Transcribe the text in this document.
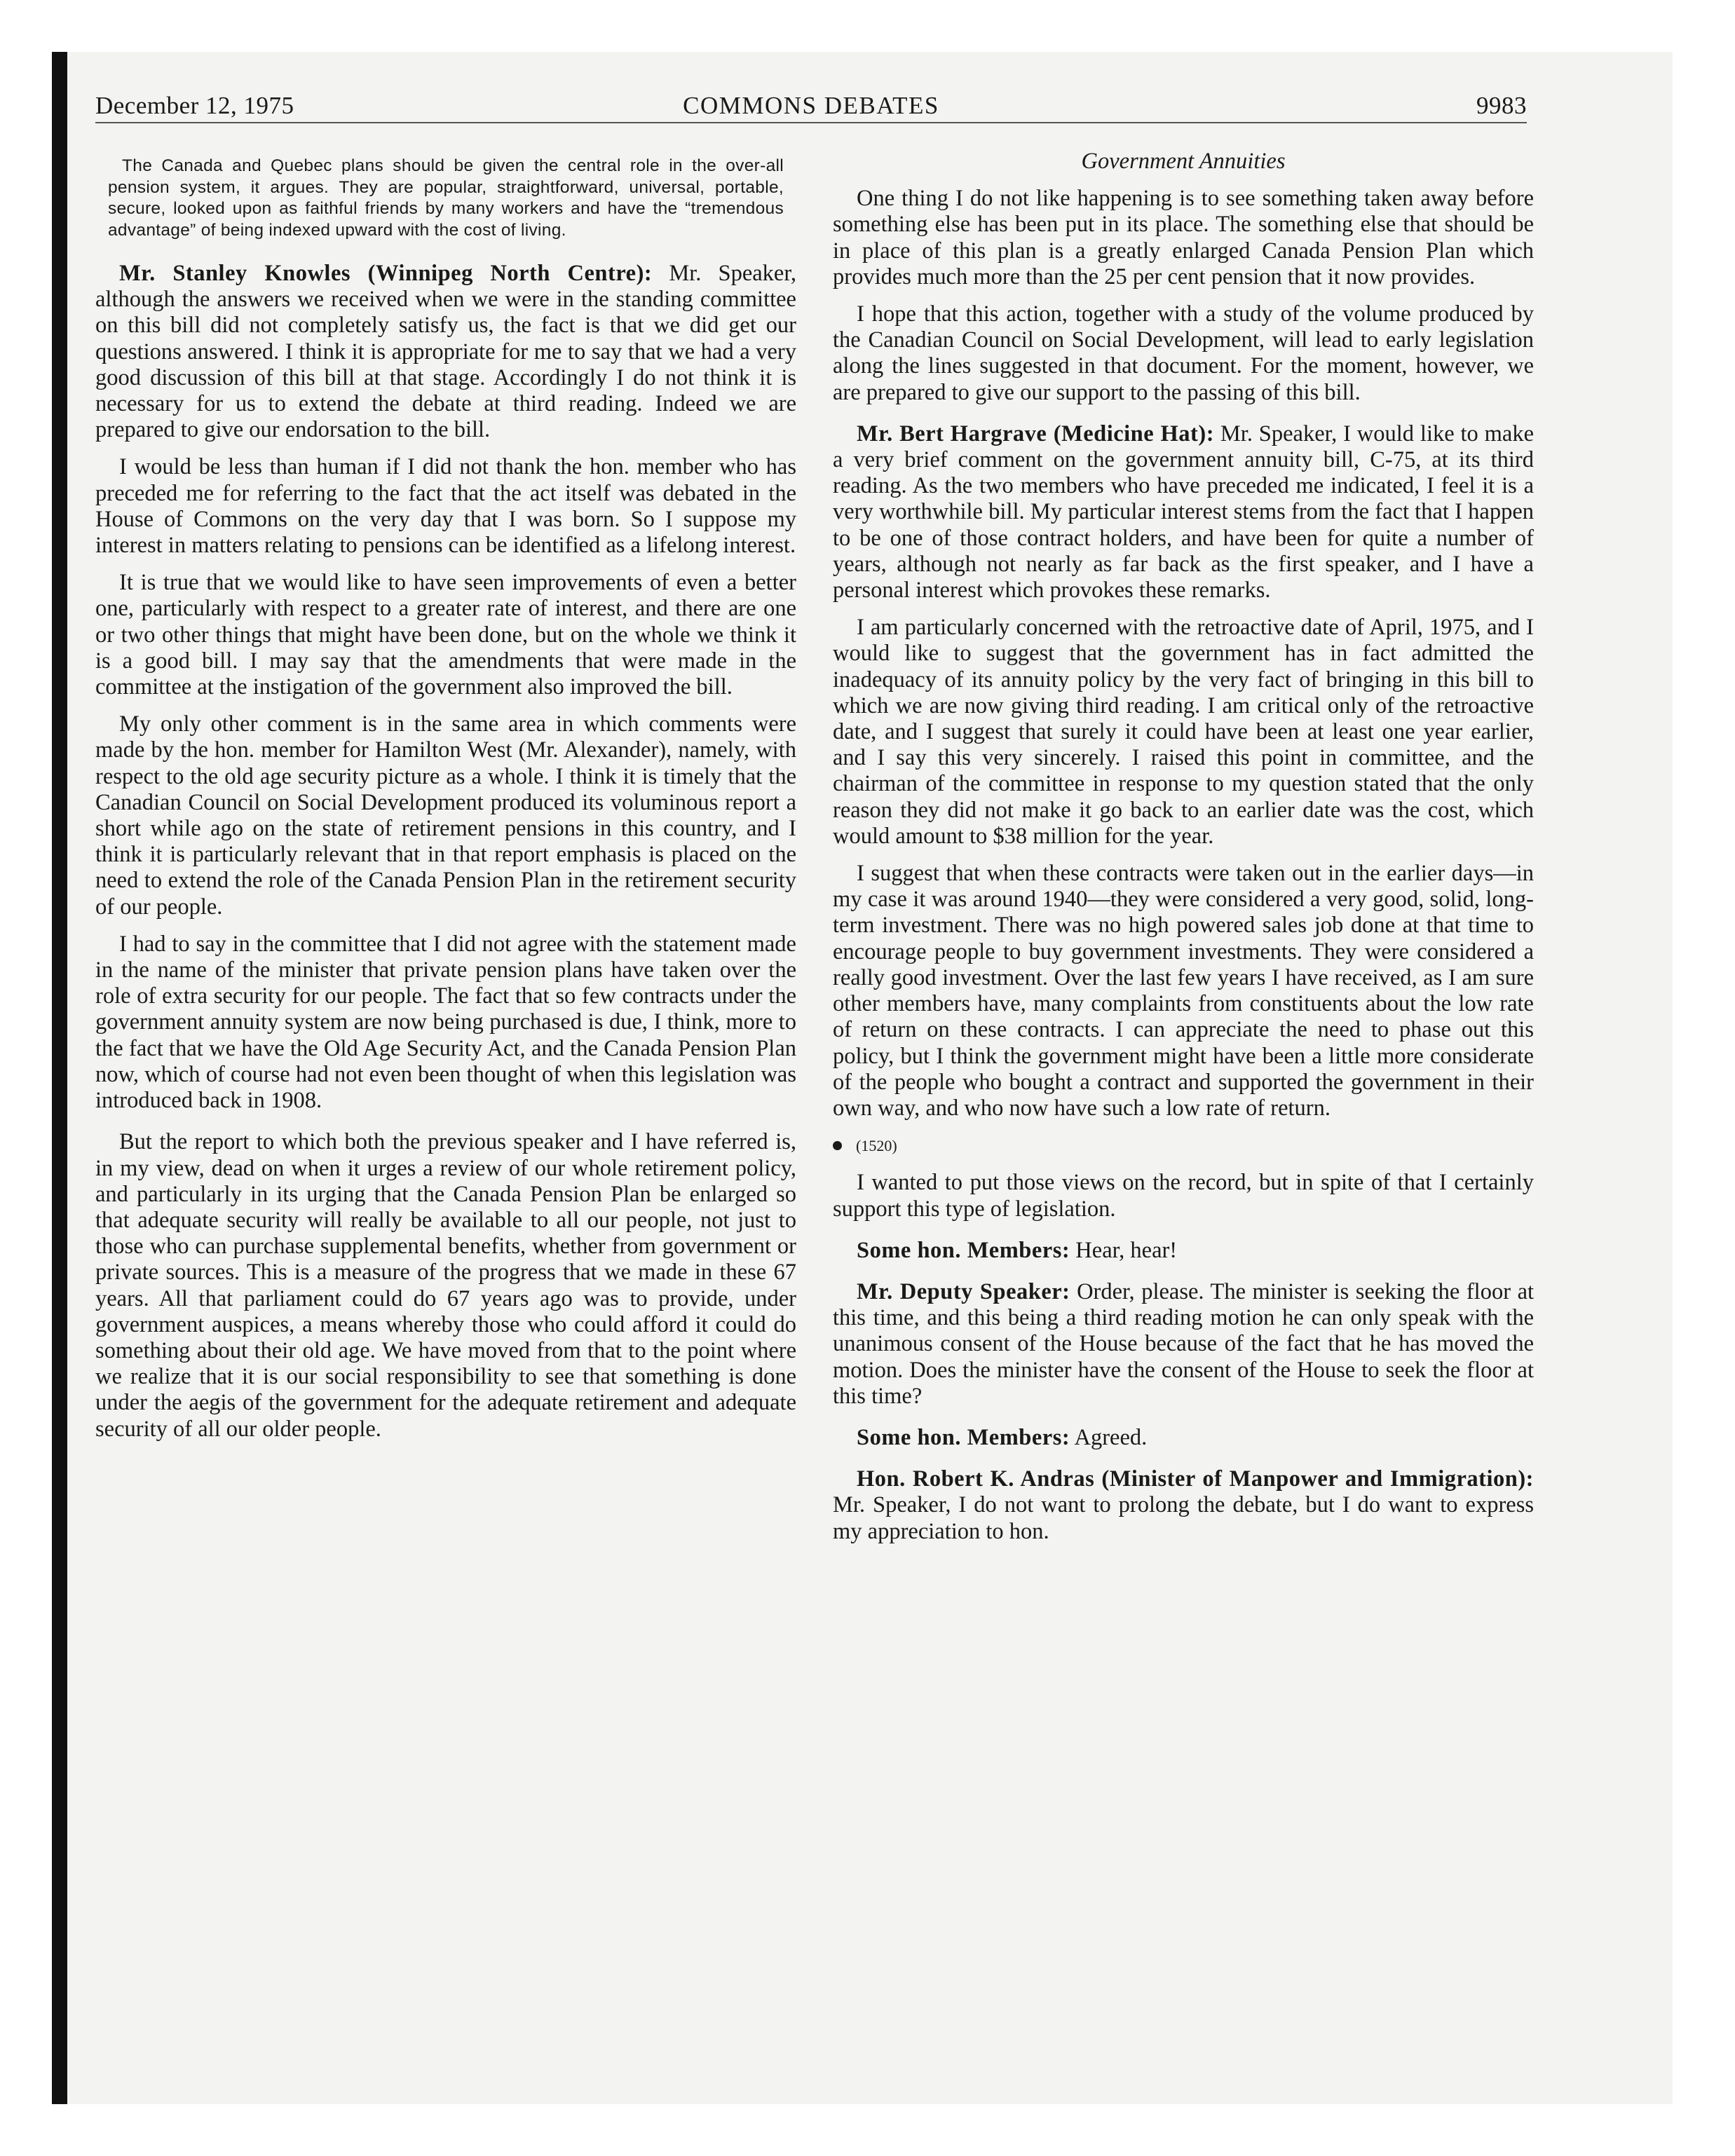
December 12, 1975	COMMONS DEBATES	9983
The Canada and Quebec plans should be given the central role in the over-all pension system, it argues. They are popular, straightforward, universal, portable, secure, looked upon as faithful friends by many workers and have the “tremendous advantage” of being indexed upward with the cost of living.

Mr. Stanley Knowles (Winnipeg North Centre): Mr. Speaker, although the answers we received when we were in the standing committee on this bill did not completely satisfy us, the fact is that we did get our questions answered. I think it is appropriate for me to say that we had a very good discussion of this bill at that stage. Accordingly I do not think it is necessary for us to extend the debate at third reading. Indeed we are prepared to give our endorsation to the bill.

I would be less than human if I did not thank the hon. member who has preceded me for referring to the fact that the act itself was debated in the House of Commons on the very day that I was born. So I suppose my interest in matters relating to pensions can be identified as a lifelong interest.

It is true that we would like to have seen improvements of even a better one, particularly with respect to a greater rate of interest, and there are one or two other things that might have been done, but on the whole we think it is a good bill. I may say that the amendments that were made in the committee at the instigation of the government also improved the bill.

My only other comment is in the same area in which comments were made by the hon. member for Hamilton West (Mr. Alexander), namely, with respect to the old age security picture as a whole. I think it is timely that the Canadian Council on Social Development produced its voluminous report a short while ago on the state of retirement pensions in this country, and I think it is particularly relevant that in that report emphasis is placed on the need to extend the role of the Canada Pension Plan in the retirement security of our people.

I had to say in the committee that I did not agree with the statement made in the name of the minister that private pension plans have taken over the role of extra security for our people. The fact that so few contracts under the government annuity system are now being purchased is due, I think, more to the fact that we have the Old Age Security Act, and the Canada Pension Plan now, which of course had not even been thought of when this legislation was introduced back in 1908.

But the report to which both the previous speaker and I have referred is, in my view, dead on when it urges a review of our whole retirement policy, and particularly in its urging that the Canada Pension Plan be enlarged so that adequate security will really be available to all our people, not just to those who can purchase supplemental benefits, whether from government or private sources. This is a measure of the progress that we made in these 67 years. All that parliament could do 67 years ago was to provide, under government auspices, a means whereby those who could afford it could do something about their old age. We have moved from that to the point where we realize that it is our social responsibility to see that something is done under the aegis of the government for the adequate retirement and adequate security of all our older people.

Government Annuities

One thing I do not like happening is to see something taken away before something else has been put in its place. The something else that should be in place of this plan is a greatly enlarged Canada Pension Plan which provides much more than the 25 per cent pension that it now provides.

I hope that this action, together with a study of the volume produced by the Canadian Council on Social Development, will lead to early legislation along the lines suggested in that document. For the moment, however, we are prepared to give our support to the passing of this bill.

Mr. Bert Hargrave (Medicine Hat): Mr. Speaker, I would like to make a very brief comment on the government annuity bill, C-75, at its third reading. As the two members who have preceded me indicated, I feel it is a very worthwhile bill. My particular interest stems from the fact that I happen to be one of those contract holders, and have been for quite a number of years, although not nearly as far back as the first speaker, and I have a personal interest which provokes these remarks.

I am particularly concerned with the retroactive date of April, 1975, and I would like to suggest that the government has in fact admitted the inadequacy of its annuity policy by the very fact of bringing in this bill to which we are now giving third reading. I am critical only of the retroactive date, and I suggest that surely it could have been at least one year earlier, and I say this very sincerely. I raised this point in committee, and the chairman of the committee in response to my question stated that the only reason they did not make it go back to an earlier date was the cost, which would amount to $38 million for the year.

I suggest that when these contracts were taken out in the earlier days—in my case it was around 1940—they were considered a very good, solid, long-term investment. There was no high powered sales job done at that time to encourage people to buy government investments. They were considered a really good investment. Over the last few years I have received, as I am sure other members have, many complaints from constituents about the low rate of return on these contracts. I can appreciate the need to phase out this policy, but I think the government might have been a little more considerate of the people who bought a contract and supported the government in their own way, and who now have such a low rate of return.

(1520)

I wanted to put those views on the record, but in spite of that I certainly support this type of legislation.

Some hon. Members: Hear, hear!

Mr. Deputy Speaker: Order, please. The minister is seeking the floor at this time, and this being a third reading motion he can only speak with the unanimous consent of the House because of the fact that he has moved the motion. Does the minister have the consent of the House to seek the floor at this time?

Some hon. Members: Agreed.

Hon. Robert K. Andras (Minister of Manpower and Immigration): Mr. Speaker, I do not want to prolong the debate, but I do want to express my appreciation to hon.
